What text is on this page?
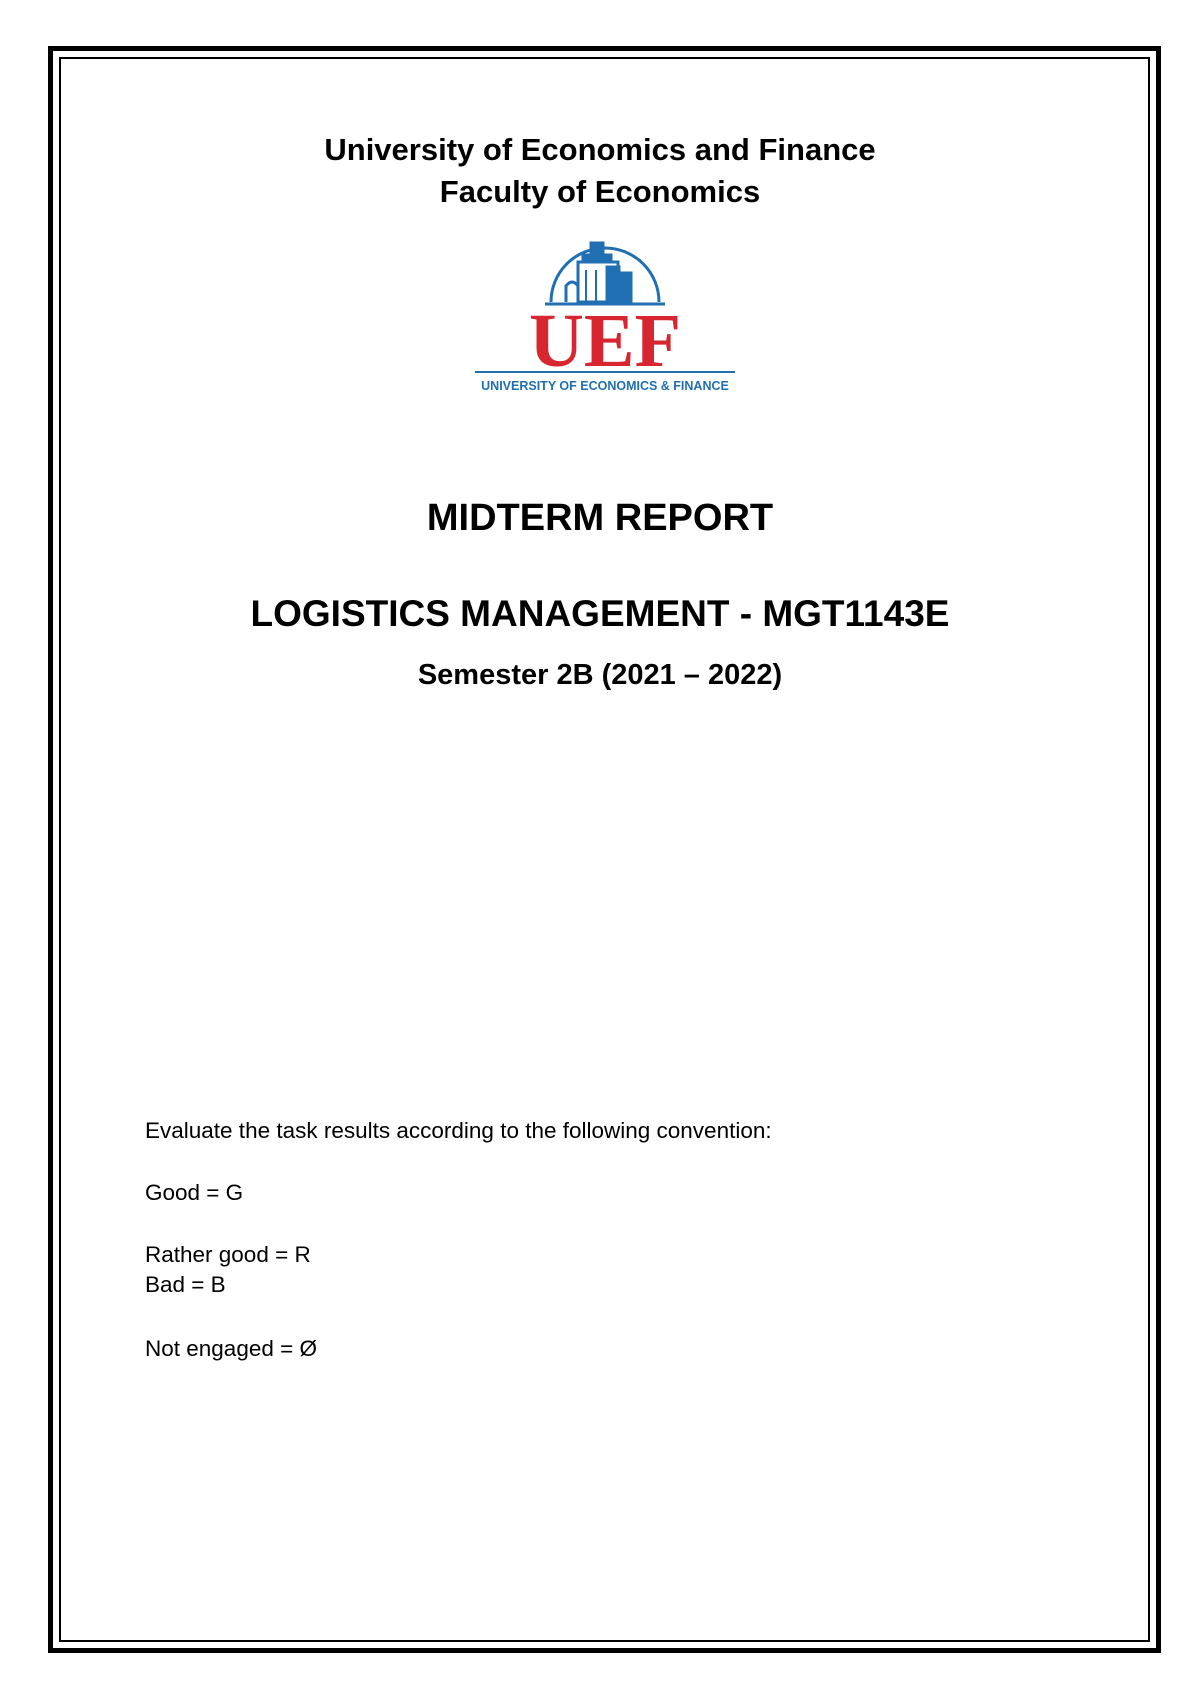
University of Economics and Finance
Faculty of Economics
UEF
UNIVERSITY OF ECONOMICS & FINANCE
MIDTERM REPORT
LOGISTICS MANAGEMENT - MGT1143E
Semester 2B (2021 – 2022)
Evaluate the task results according to the following convention:
Good = G
Rather good = R
Bad = B
Not engaged = Ø
